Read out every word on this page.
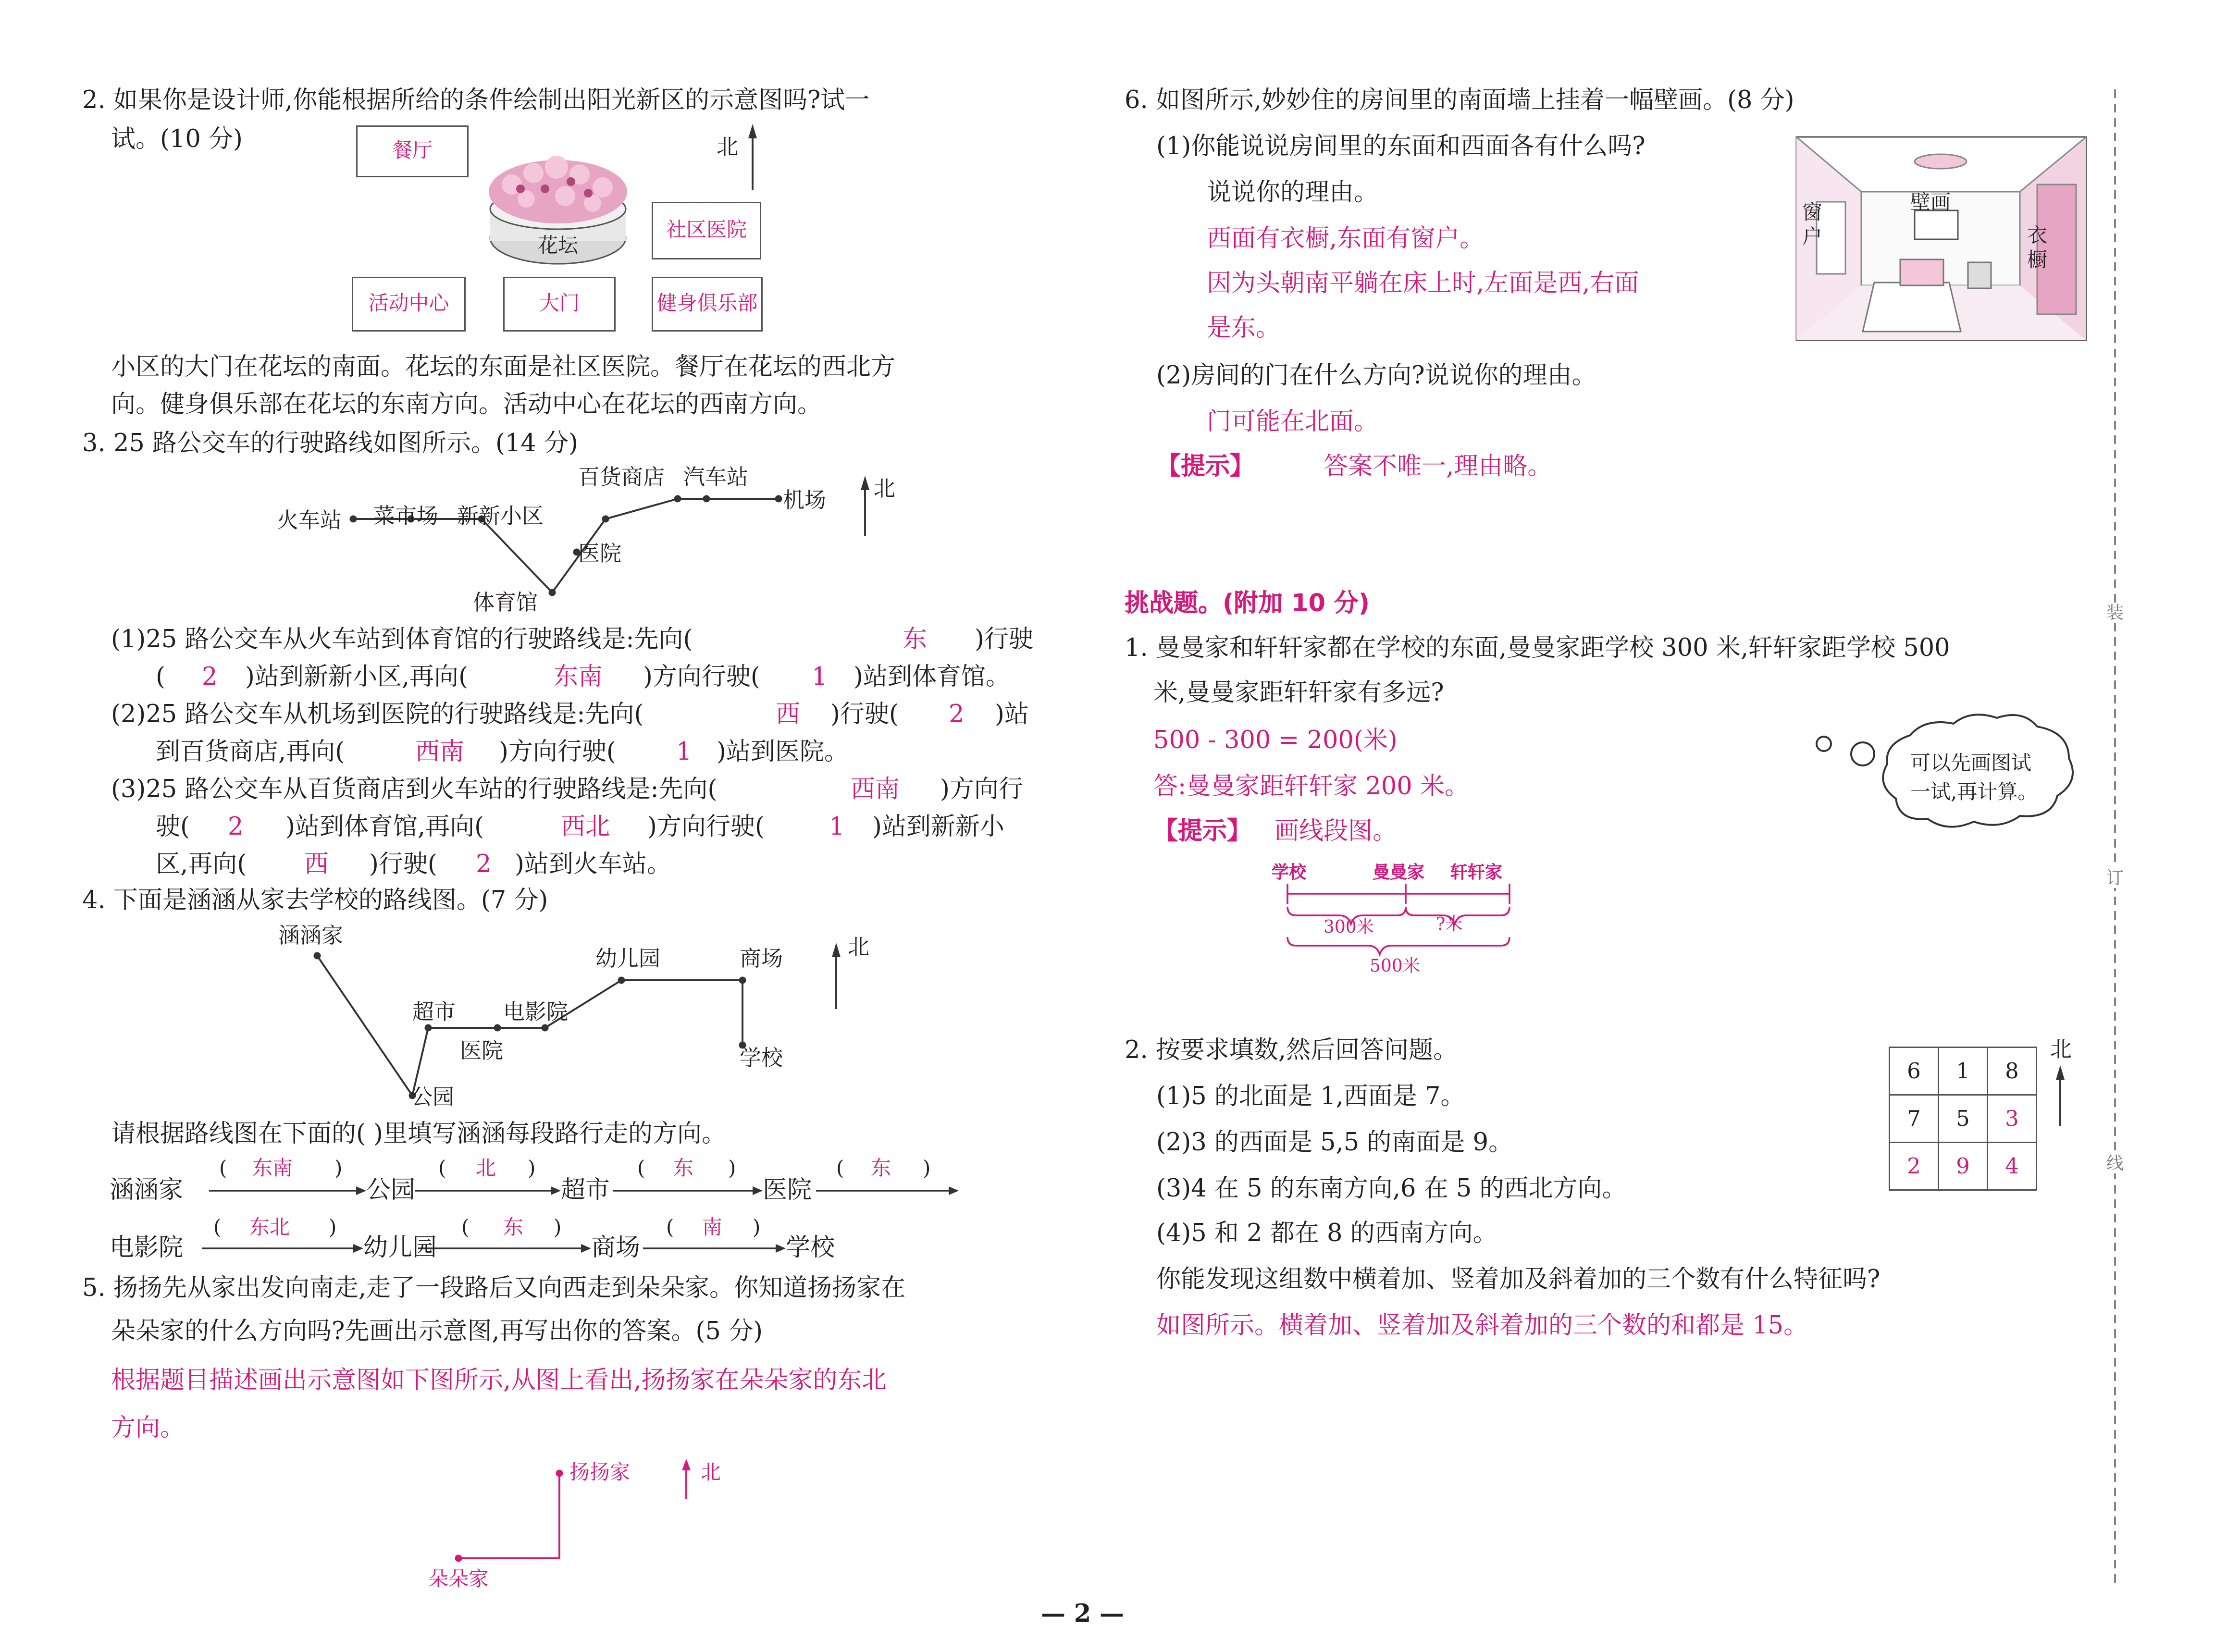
2. 如果你是设计师,你能根据所给的条件绘制出阳光新区的示意图吗?试一
试。(10 分)	餐厅	北
社区医院
活动中心	大门	健身俱乐部
花坛
小区的大门在花坛的南面。花坛的东面是社区医院。餐厅在花坛的西北方
向。健身俱乐部在花坛的东南方向。活动中心在花坛的西南方向。
3. 25 路公交车的行驶路线如图所示。(14 分)
火车站	菜市场	新新小区
体育馆
医院
百货商店	汽车站
机场	北
(1)25 路公交车从火车站到体育馆的行驶路线是:先向(	东	)行驶
(	2	)站到新新小区,再向(	东南	)方向行驶(	1	)站到体育馆。
(2)25 路公交车从机场到医院的行驶路线是:先向(	西	)行驶(	2	)站
到百货商店,再向(	西南	)方向行驶(	1	)站到医院。
(3)25 路公交车从百货商店到火车站的行驶路线是:先向(	西南	)方向行
驶(	2	)站到体育馆,再向(	西北	)方向行驶(	1	)站到新新小
区,再向(	西	)行驶(	2	)站到火车站。
4. 下面是涵涵从家去学校的路线图。(7 分)
涵涵家
超市	电影院
医院
公园
幼儿园	商场
学校
北
请根据路线图在下面的( )里填写涵涵每段路行走的方向。
涵涵家	公园	超市	医院
(	东南	)	(	北	)	(	东	)	(	东	)
电影院	幼儿园	商场	学校
(	东北	)	(	东	)	(	南	)
5. 扬扬先从家出发向南走,走了一段路后又向西走到朵朵家。你知道扬扬家在
朵朵家的什么方向吗?先画出示意图,再写出你的答案。(5 分)
根据题目描述画出示意图如下图所示,从图上看出,扬扬家在朵朵家的东北
方向。
扬扬家	北
朵朵家
6. 如图所示,妙妙住的房间里的南面墙上挂着一幅壁画。(8 分)
(1)你能说说房间里的东面和西面各有什么吗?
说说你的理由。
西面有衣橱,东面有窗户。
因为头朝南平躺在床上时,左面是西,右面
是东。
(2)房间的门在什么方向?说说你的理由。
门可能在北面。
【提示】	答案不唯一,理由略。
窗户
壁画
衣橱
挑战题。(附加 10 分)
1. 曼曼家和轩轩家都在学校的东面,曼曼家距学校 300 米,轩轩家距学校 500
米,曼曼家距轩轩家有多远?
500 - 300 = 200(米)
答:曼曼家距轩轩家 200 米。
【提示】	画线段图。
可以先画图试
一试,再计算。
学校	曼曼家	轩轩家
300米	?米
500米
2. 按要求填数,然后回答问题。
(1)5 的北面是 1,西面是 7。
(2)3 的西面是 5,5 的南面是 9。
(3)4 在 5 的东南方向,6 在 5 的西北方向。
(4)5 和 2 都在 8 的西南方向。
你能发现这组数中横着加、竖着加及斜着加的三个数有什么特征吗?
如图所示。横着加、竖着加及斜着加的三个数的和都是 15。
6	1	8
7	5	3
2	9	4
北
装
订
线
— 2 —
